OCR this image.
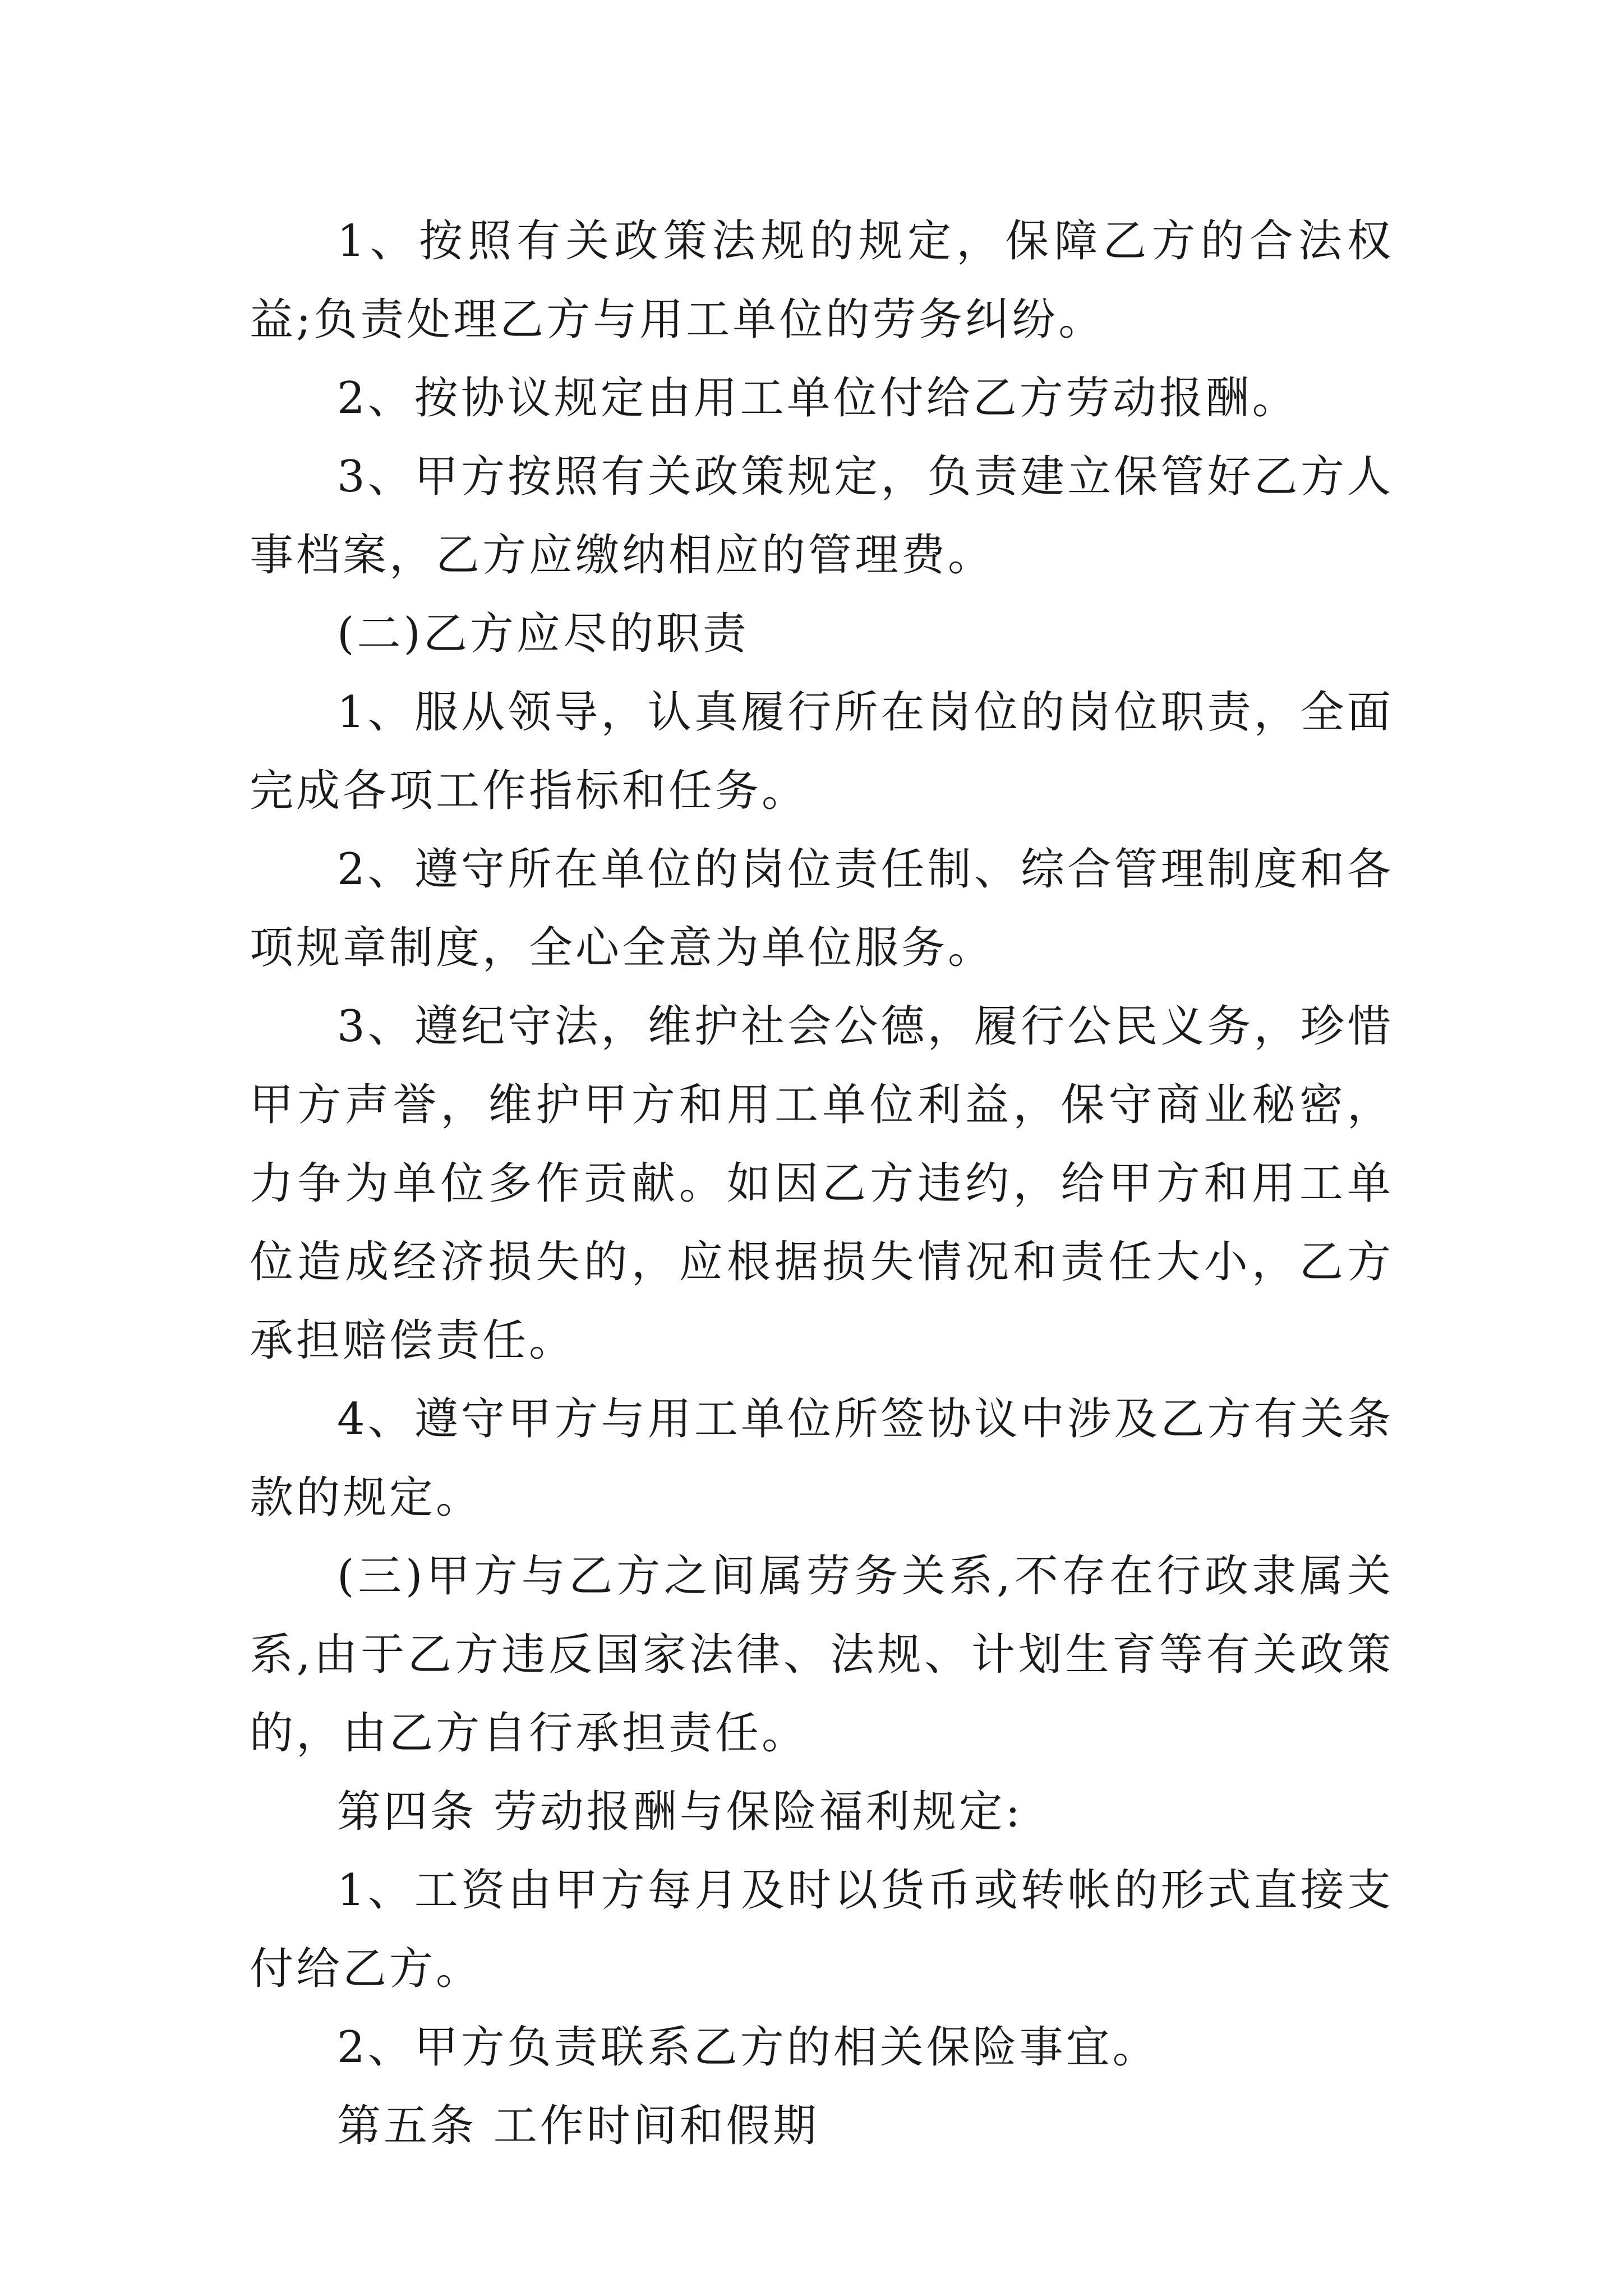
1、按照有关政策法规的规定，保障乙方的合法权益;负责处理乙方与用工单位的劳务纠纷。

2、按协议规定由用工单位付给乙方劳动报酬。

3、甲方按照有关政策规定，负责建立保管好乙方人事档案，乙方应缴纳相应的管理费。

(二)乙方应尽的职责

1、服从领导，认真履行所在岗位的岗位职责，全面完成各项工作指标和任务。

2、遵守所在单位的岗位责任制、综合管理制度和各项规章制度，全心全意为单位服务。

3、遵纪守法，维护社会公德，履行公民义务，珍惜甲方声誉，维护甲方和用工单位利益，保守商业秘密，力争为单位多作贡献。如因乙方违约，给甲方和用工单位造成经济损失的，应根据损失情况和责任大小，乙方承担赔偿责任。

4、遵守甲方与用工单位所签协议中涉及乙方有关条款的规定。

(三)甲方与乙方之间属劳务关系,不存在行政隶属关系,由于乙方违反国家法律、法规、计划生育等有关政策的，由乙方自行承担责任。

第四条 劳动报酬与保险福利规定:

1、工资由甲方每月及时以货币或转帐的形式直接支付给乙方。

2、甲方负责联系乙方的相关保险事宜。

第五条 工作时间和假期
